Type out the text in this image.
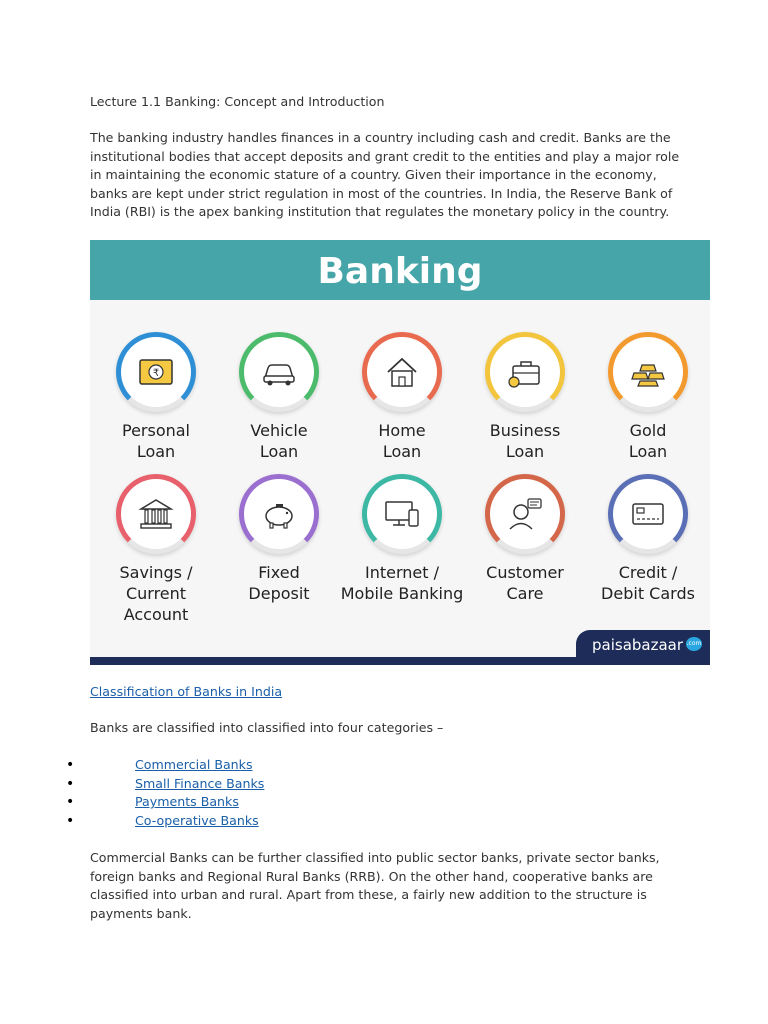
Lecture 1.1 Banking: Concept and Introduction

The banking industry handles finances in a country including cash and credit. Banks are the institutional bodies that accept deposits and grant credit to the entities and play a major role in maintaining the economic stature of a country. Given their importance in the economy, banks are kept under strict regulation in most of the countries. In India, the Reserve Bank of India (RBI) is the apex banking institution that regulates the monetary policy in the country.

Banking
₹
Personal
Loan
Vehicle
Loan
Home
Loan
Business
Loan
Gold
Loan
Savings /
Current
Account
Fixed
Deposit
Internet /
Mobile Banking
Customer
Care
Credit /
Debit Cards
paisabazaar .com

Classification of Banks in India

Banks are classified into classified into four categories –

•	Commercial Banks
•	Small Finance Banks
•	Payments Banks
•	Co-operative Banks

Commercial Banks can be further classified into public sector banks, private sector banks, foreign banks and Regional Rural Banks (RRB). On the other hand, cooperative banks are classified into urban and rural. Apart from these, a fairly new addition to the structure is payments bank.
